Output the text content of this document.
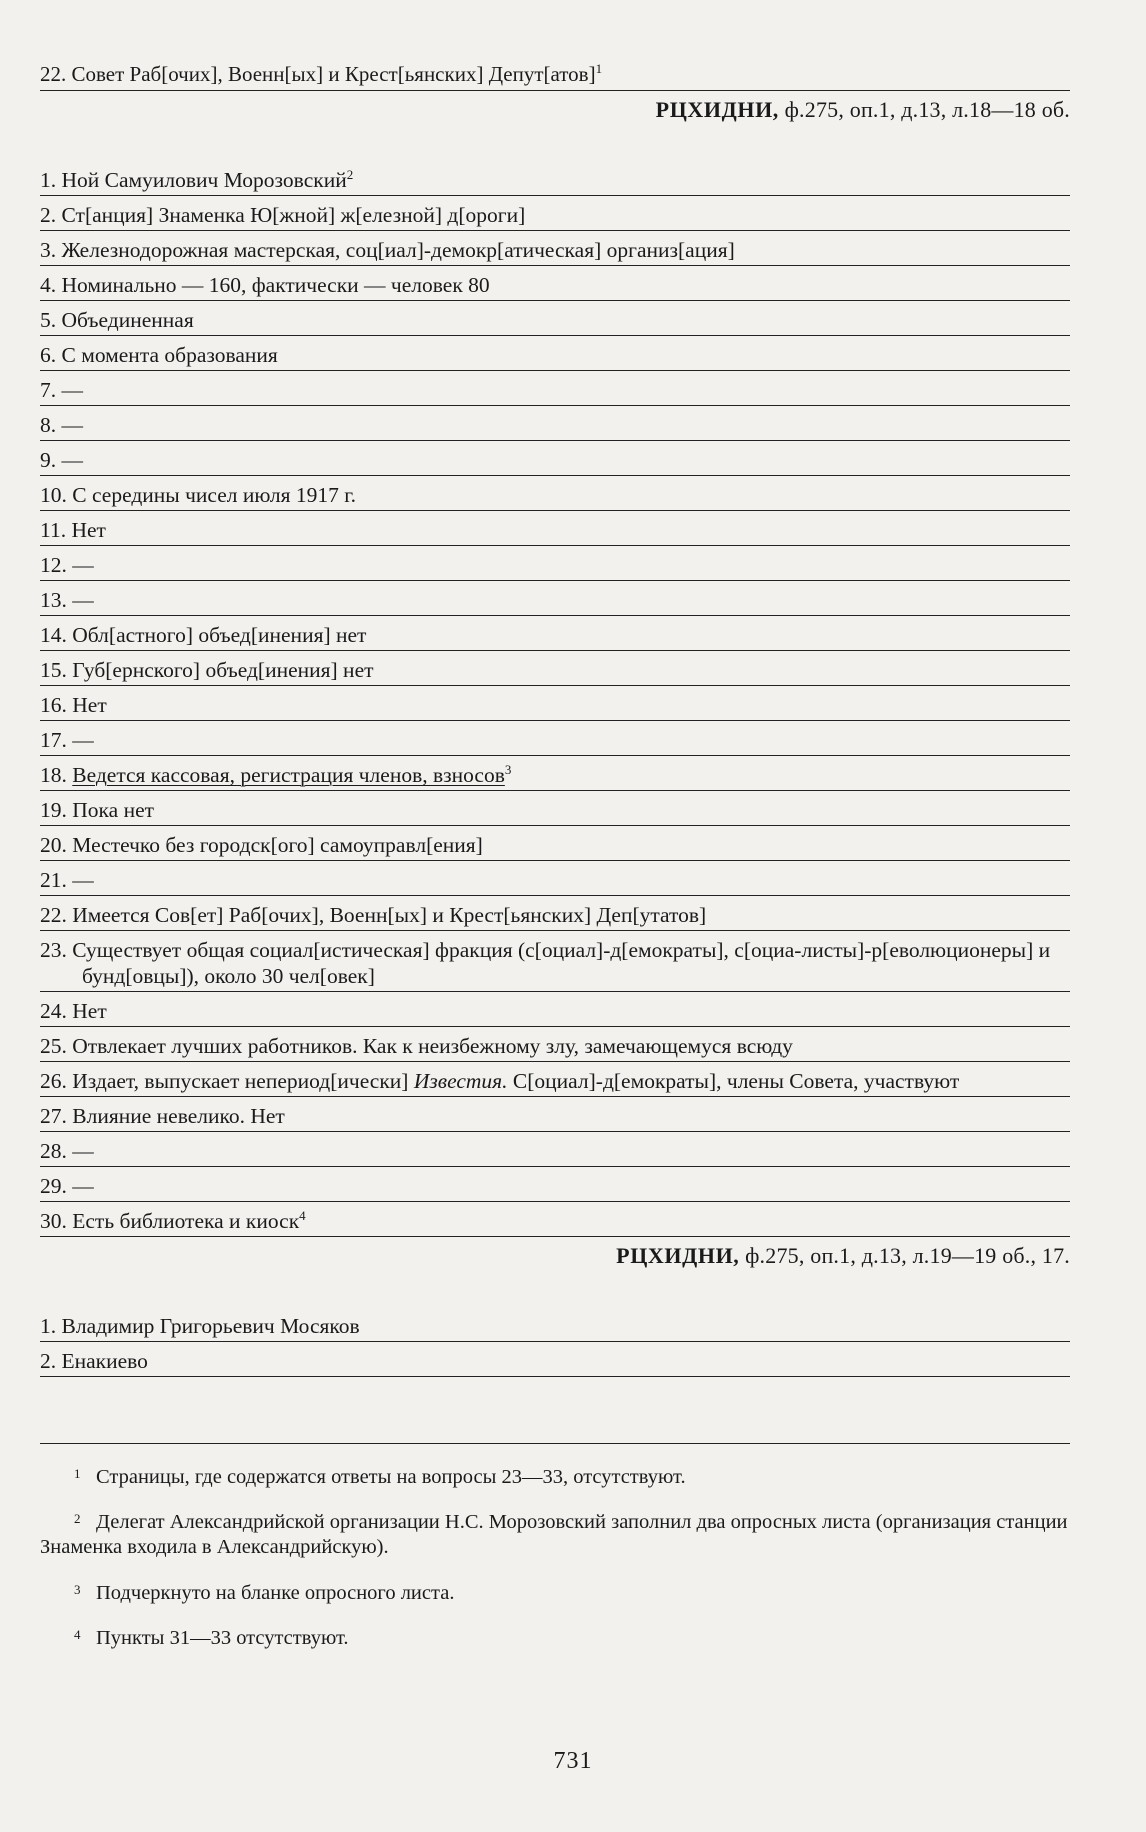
22. Совет Раб[очих], Военн[ых] и Крест[ьянских] Депут[атов]$^1$
РЦХИДНИ, ф.275, оп.1, д.13, л.18—18 об.
1. Ной Самуилович Морозовский$^2$
2. Ст[анция] Знаменка Ю[жной] ж[елезной] д[ороги]
3. Железнодорожная мастерская, соц[иал]-демокр[атическая] организ[ация]
4. Номинально — 160, фактически — человек 80
5. Объединенная
6. С момента образования
7. —
8. —
9. —
10. С середины чисел июля 1917 г.
11. Нет
12. —
13. —
14. Обл[астного] объед[инения] нет
15. Губ[ернского] объед[инения] нет
16. Нет
17. —
18. Ведется кассовая, регистрация членов, взносов$^3$
19. Пока нет
20. Местечко без городск[ого] самоуправл[ения]
21. —
22. Имеется Сов[ет] Раб[очих], Военн[ых] и Крест[ьянских] Деп[утатов]
23. Существует общая социал[истическая] фракция (с[оциал]-д[емократы], с[оциа-листы]-р[еволюционеры] и бунд[овцы]), около 30 чел[овек]
24. Нет
25. Отвлекает лучших работников. Как к неизбежному злу, замечающемуся всюду
26. Издает, выпускает непериод[ически] Известия. С[оциал]-д[емократы], члены Совета, участвуют
27. Влияние невелико. Нет
28. —
29. —
30. Есть библиотека и киоск$^4$
РЦХИДНИ, ф.275, оп.1, д.13, л.19—19 об., 17.
1. Владимир Григорьевич Мосяков
2. Енакиево

1 Страницы, где содержатся ответы на вопросы 23—33, отсутствуют.

2 Делегат Александрийской организации Н.С. Морозовский заполнил два опросных листа (организация станции Знаменка входила в Александрийскую).

3 Подчеркнуто на бланке опросного листа.

4 Пункты 31—33 отсутствуют.

731
